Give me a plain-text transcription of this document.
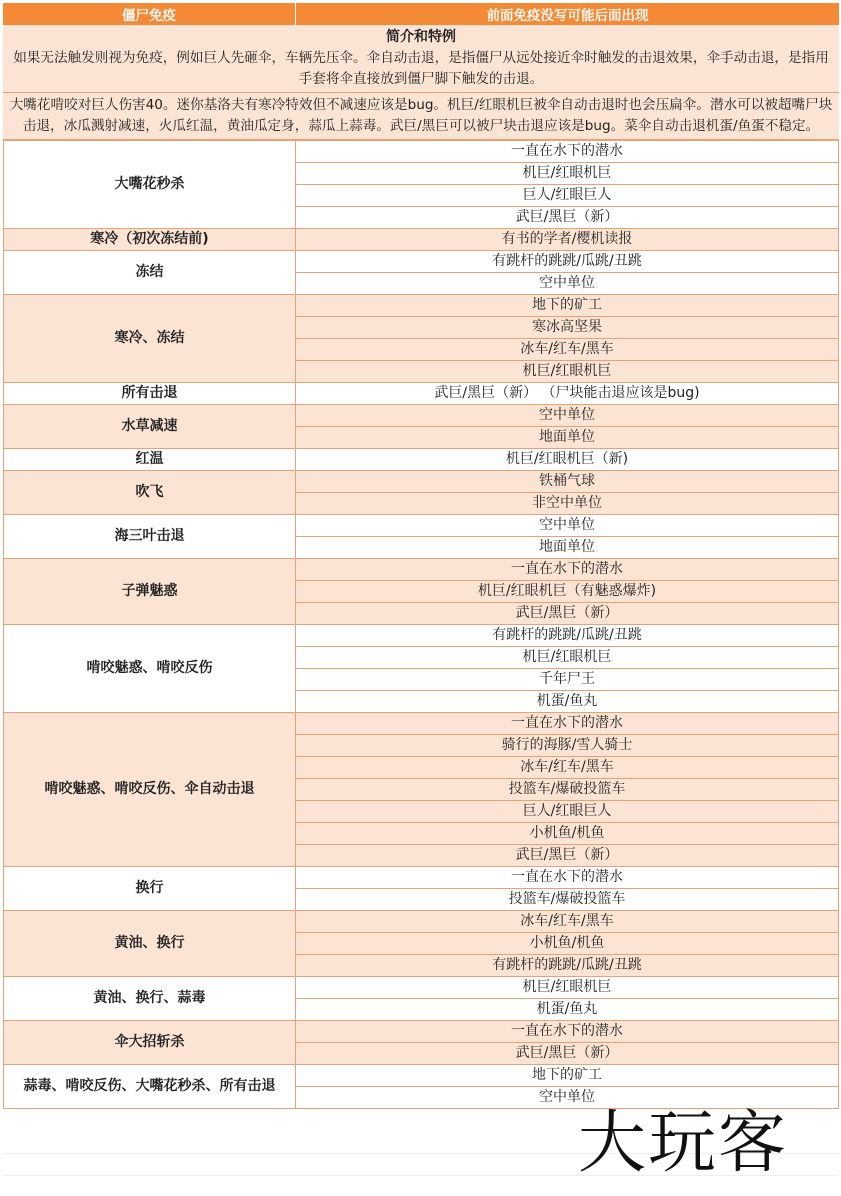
僵尸免疫	前面免疫没写可能后面出现
简介和特例

如果无法触发则视为免疫，例如巨人先砸伞，车辆先压伞。伞自动击退，是指僵尸从远处接近伞时触发的击退效果，伞手动击退，是指用手套将伞直接放到僵尸脚下触发的击退。

大嘴花啃咬对巨人伤害40。迷你基洛夫有寒冷特效但不减速应该是bug。机巨/红眼机巨被伞自动击退时也会压扁伞。潜水可以被超嘴尸块击退，冰瓜溅射减速，火瓜红温，黄油瓜定身，蒜瓜上蒜毒。武巨/黑巨可以被尸块击退应该是bug。菜伞自动击退机蛋/鱼蛋不稳定。

大嘴花秒杀	一直在水下的潜水
	机巨/红眼机巨
	巨人/红眼巨人
	武巨/黑巨（新）
寒冷（初次冻结前)	有书的学者/樱机读报
冻结	有跳杆的跳跳/瓜跳/丑跳
	空中单位
寒冷、冻结	地下的矿工
	寒冰高坚果
	冰车/红车/黑车
	机巨/红眼机巨
所有击退	武巨/黑巨（新） （尸块能击退应该是bug)
水草减速	空中单位
	地面单位
红温	机巨/红眼机巨（新)
吹飞	铁桶气球
	非空中单位
海三叶击退	空中单位
	地面单位
子弹魅惑	一直在水下的潜水
	机巨/红眼机巨（有魅惑爆炸)
	武巨/黑巨（新）
啃咬魅惑、啃咬反伤	有跳杆的跳跳/瓜跳/丑跳
	机巨/红眼机巨
	千年尸王
	机蛋/鱼丸
啃咬魅惑、啃咬反伤、伞自动击退	一直在水下的潜水
	骑行的海豚/雪人骑士
	冰车/红车/黑车
	投篮车/爆破投篮车
	巨人/红眼巨人
	小机鱼/机鱼
	武巨/黑巨（新）
换行	一直在水下的潜水
	投篮车/爆破投篮车
黄油、换行	冰车/红车/黑车
	小机鱼/机鱼
	有跳杆的跳跳/瓜跳/丑跳
黄油、换行、蒜毒	机巨/红眼机巨
	机蛋/鱼丸
伞大招斩杀	一直在水下的潜水
	武巨/黑巨（新）
蒜毒、啃咬反伤、大嘴花秒杀、所有击退	地下的矿工
	空中单位
大玩客
